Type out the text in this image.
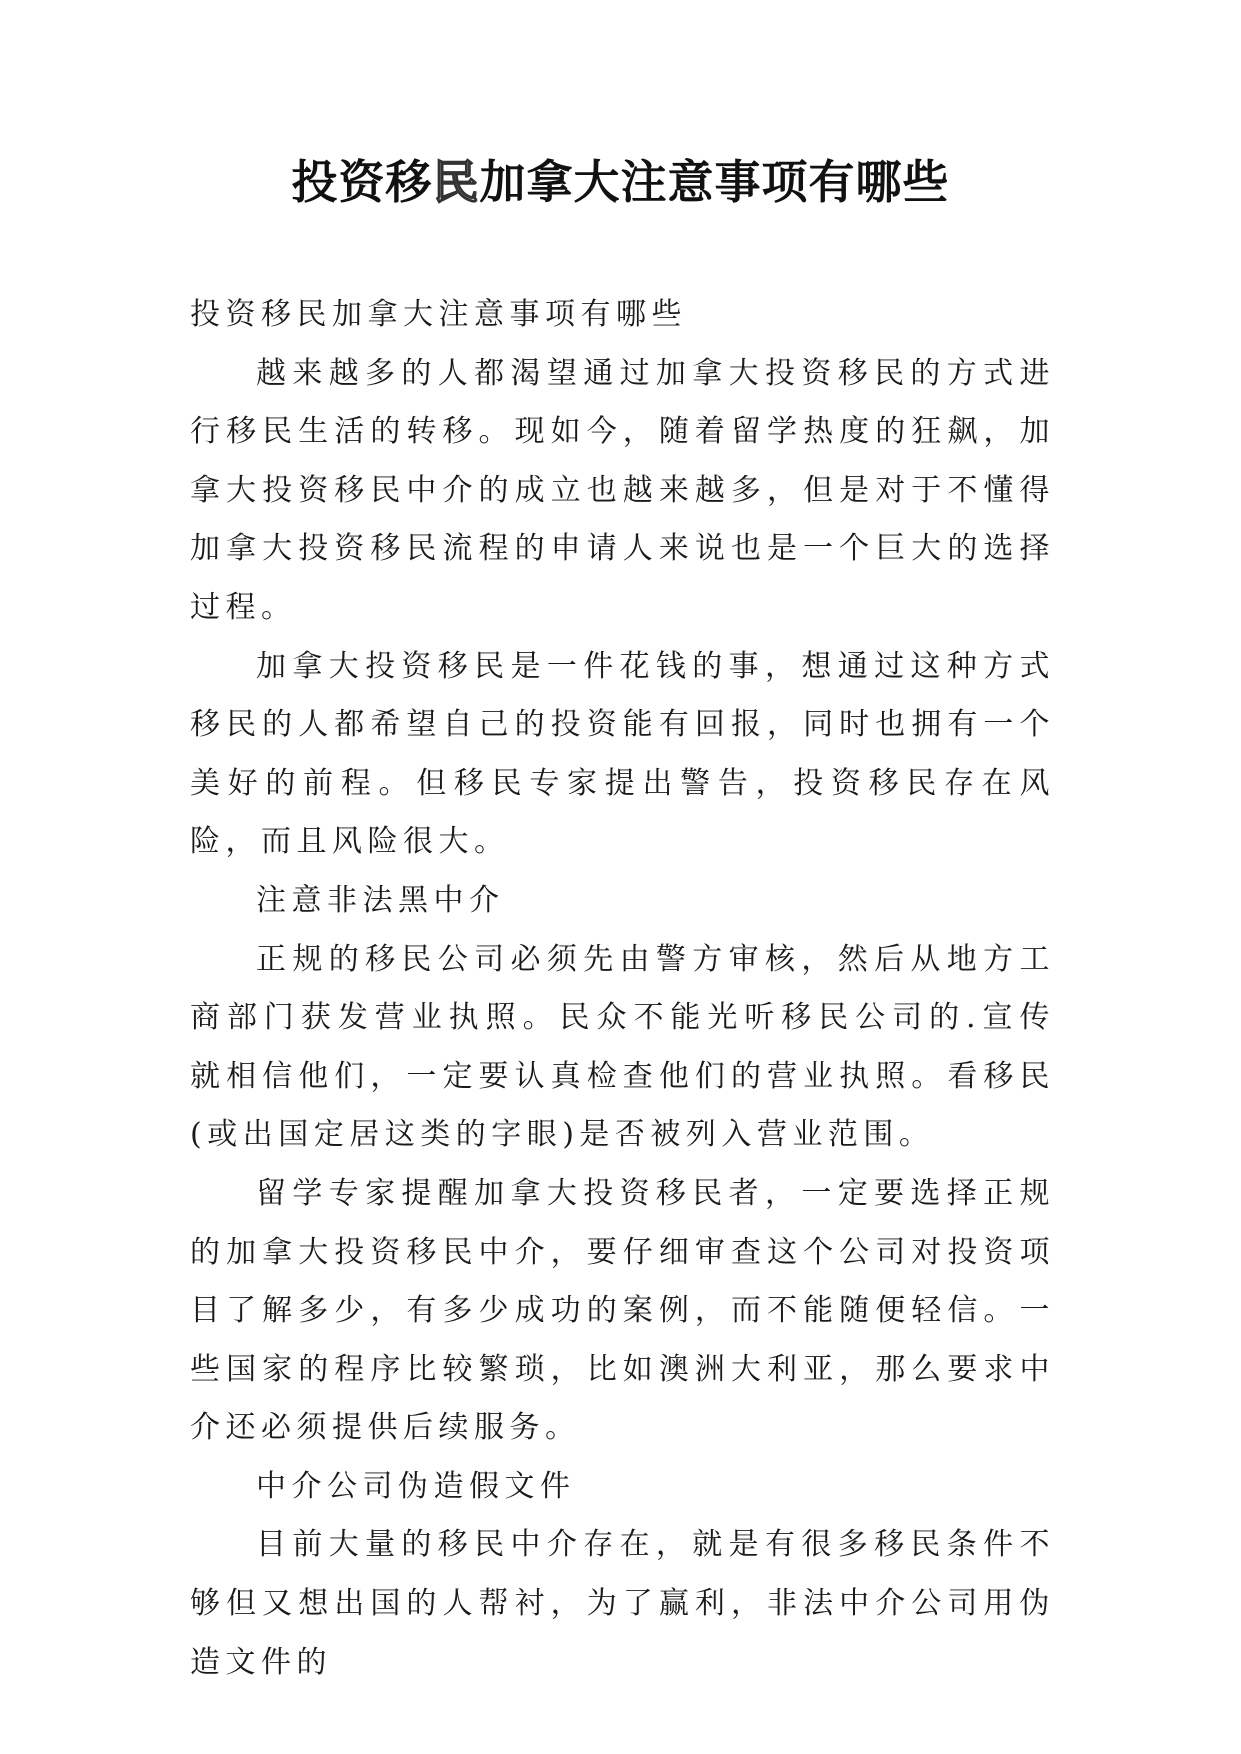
投资移民加拿大注意事项有哪些

投资移民加拿大注意事项有哪些

越来越多的人都渴望通过加拿大投资移民的方式进行移民生活的转移。现如今，随着留学热度的狂飙，加拿大投资移民中介的成立也越来越多，但是对于不懂得加拿大投资移民流程的申请人来说也是一个巨大的选择过程。

加拿大投资移民是一件花钱的事，想通过这种方式移民的人都希望自己的投资能有回报，同时也拥有一个美好的前程。但移民专家提出警告，投资移民存在风险，而且风险很大。

注意非法黑中介

正规的移民公司必须先由警方审核，然后从地方工商部门获发营业执照。民众不能光听移民公司的.宣传就相信他们，一定要认真检查他们的营业执照。看移民(或出国定居这类的字眼)是否被列入营业范围。

留学专家提醒加拿大投资移民者，一定要选择正规的加拿大投资移民中介，要仔细审查这个公司对投资项目了解多少，有多少成功的案例，而不能随便轻信。一些国家的程序比较繁琐，比如澳洲大利亚，那么要求中介还必须提供后续服务。

中介公司伪造假文件

目前大量的移民中介存在，就是有很多移民条件不够但又想出国的人帮衬，为了赢利，非法中介公司用伪造文件的
